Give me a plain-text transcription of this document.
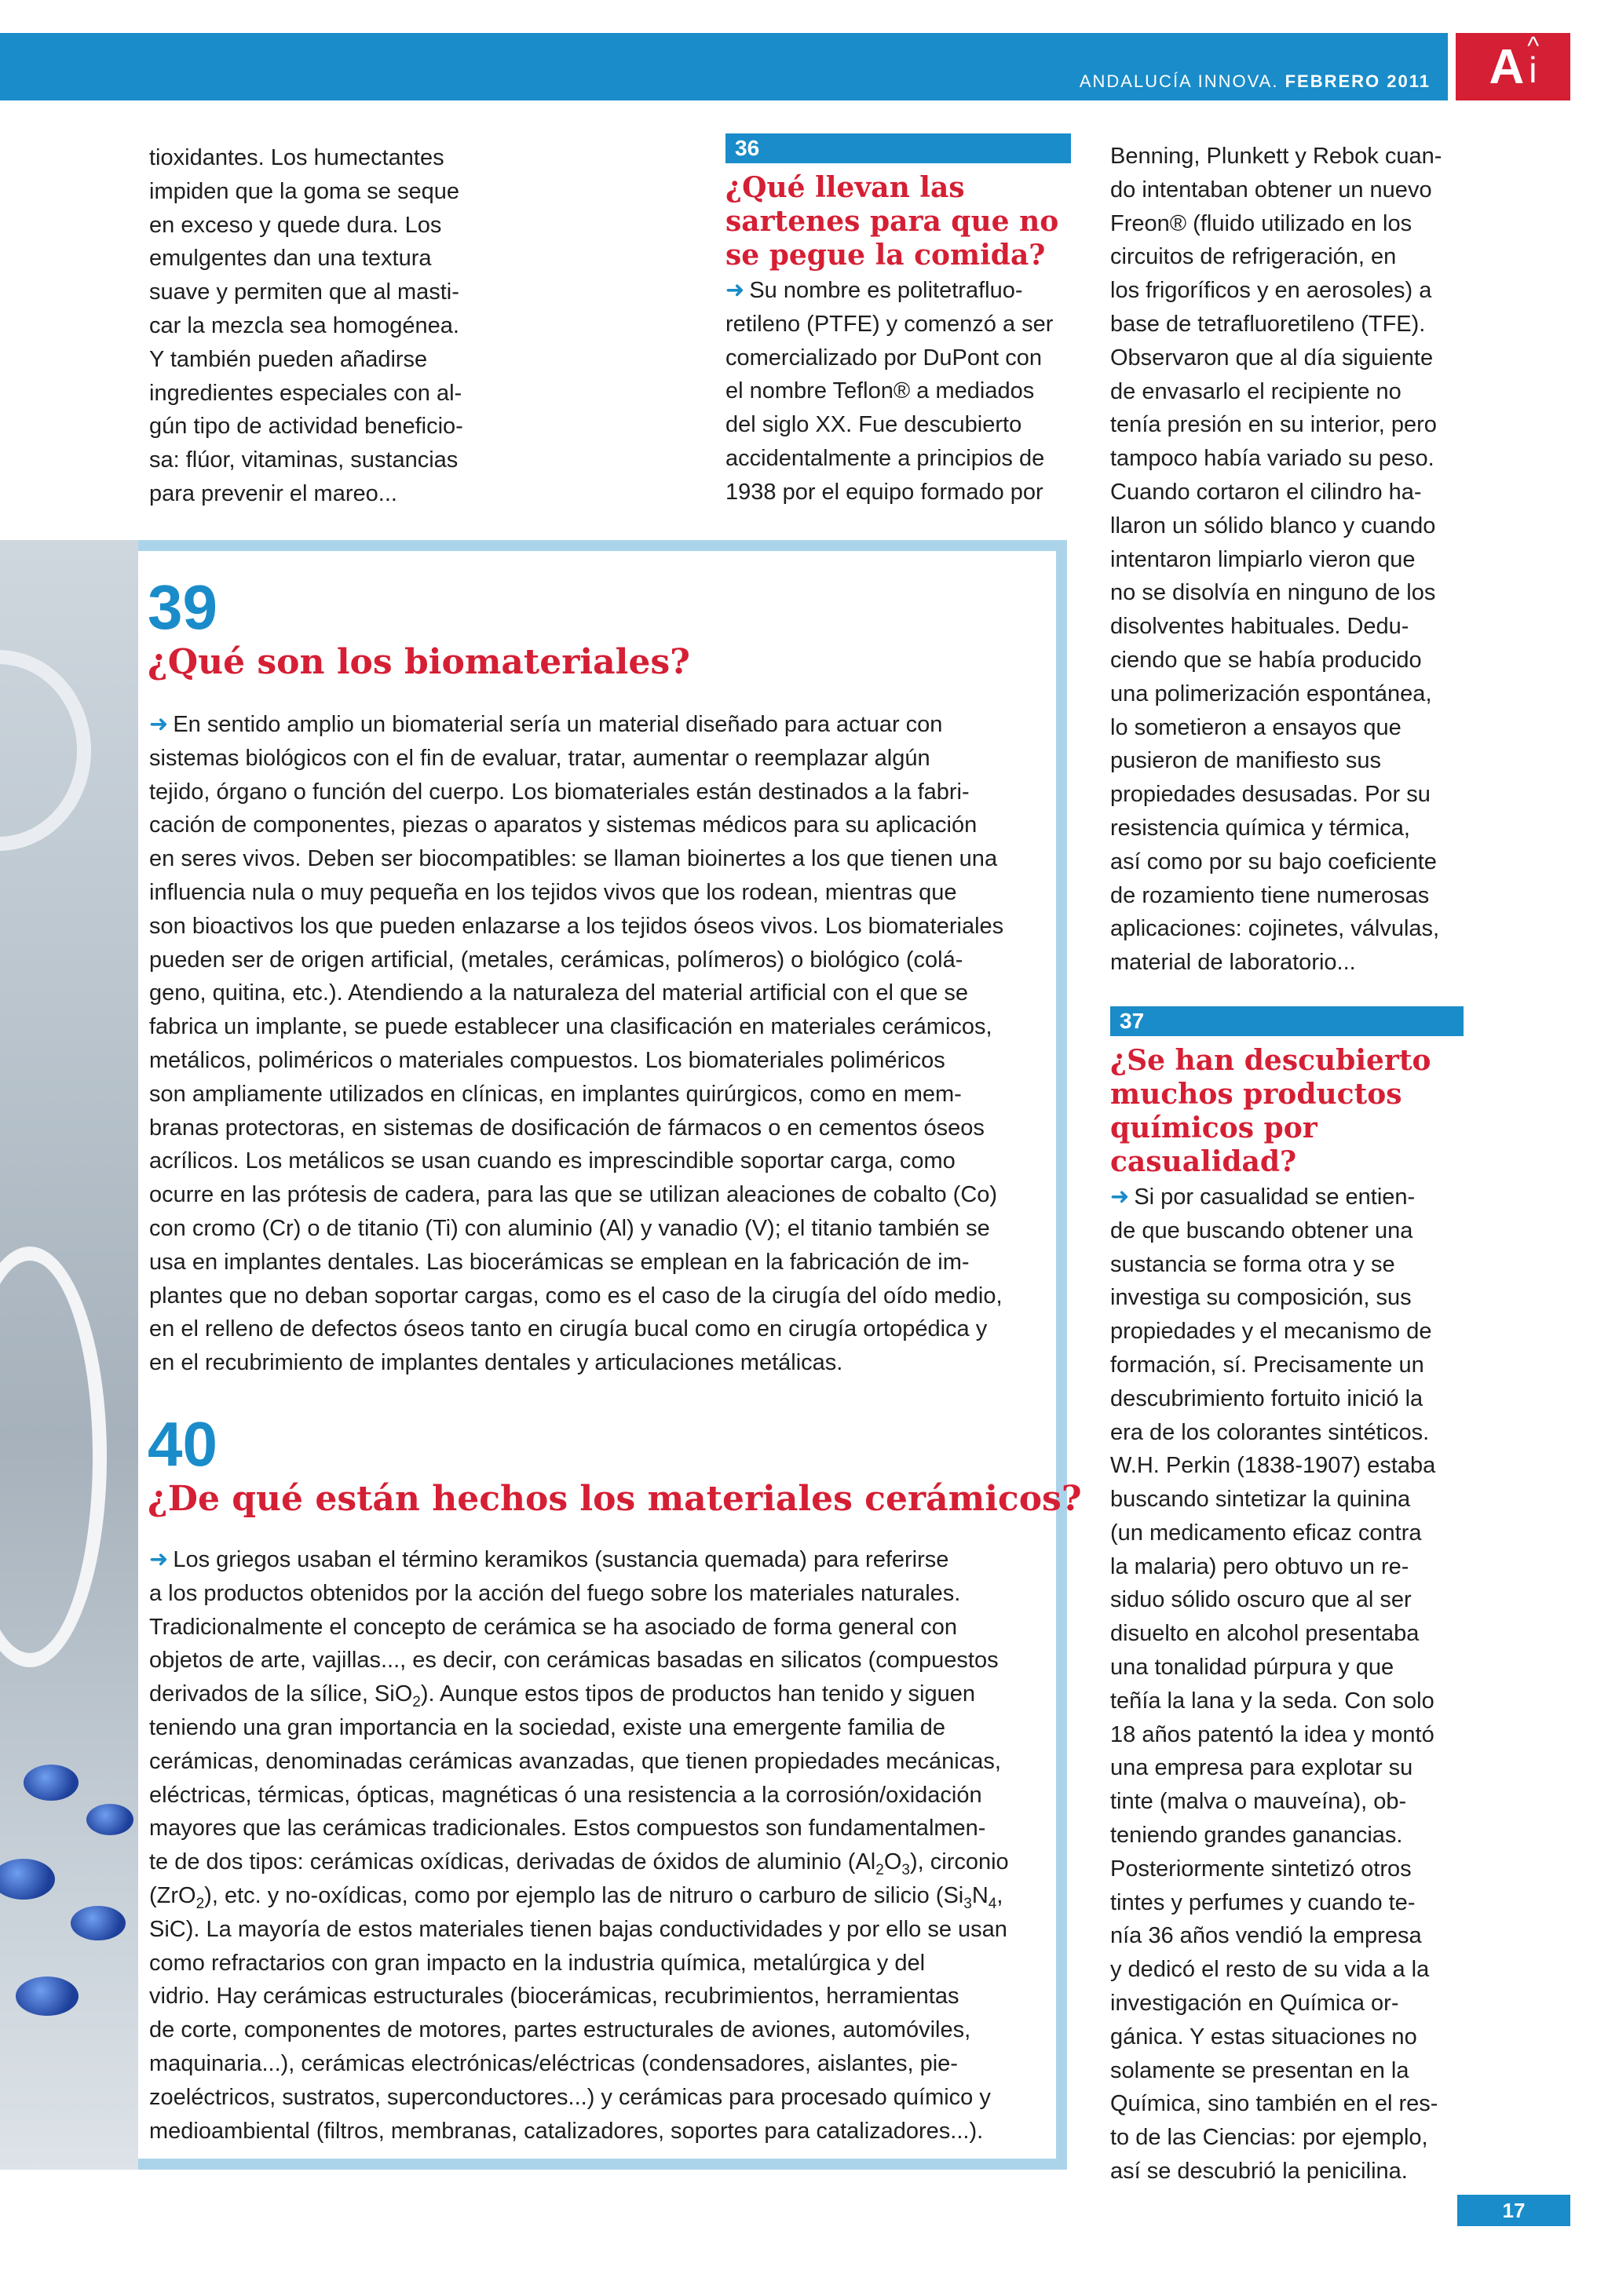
ANDALUCÍA INNOVA. FEBRERO 2011 A ^
i
tioxidantes. Los humectantes
impiden que la goma se seque
en exceso y quede dura. Los
emulgentes dan una textura
suave y permiten que al masti-
car la mezcla sea homogénea.
Y también pueden añadirse
ingredientes especiales con al-
gún tipo de actividad beneficio-
sa: flúor, vitaminas, sustancias
para prevenir el mareo...
36
¿Qué llevan las sartenes para que no se pegue la comida?
➜ Su nombre es politetrafluo-
retileno (PTFE) y comenzó a ser
comercializado por DuPont con
el nombre Teflon® a mediados
del siglo XX. Fue descubierto
accidentalmente a principios de
1938 por el equipo formado por
Benning, Plunkett y Rebok cuan-
do intentaban obtener un nuevo
Freon® (fluido utilizado en los
circuitos de refrigeración, en
los frigoríficos y en aerosoles) a
base de tetrafluoretileno (TFE).
Observaron que al día siguiente
de envasarlo el recipiente no
tenía presión en su interior, pero
tampoco había variado su peso.
Cuando cortaron el cilindro ha-
llaron un sólido blanco y cuando
intentaron limpiarlo vieron que
no se disolvía en ninguno de los
disolventes habituales. Dedu-
ciendo que se había producido
una polimerización espontánea,
lo sometieron a ensayos que
pusieron de manifiesto sus
propiedades desusadas. Por su
resistencia química y térmica,
así como por su bajo coeficiente
de rozamiento tiene numerosas
aplicaciones: cojinetes, válvulas,
material de laboratorio...
37
¿Se han descubierto muchos productos químicos por casualidad?
➜ Si por casualidad se entien-
de que buscando obtener una
sustancia se forma otra y se
investiga su composición, sus
propiedades y el mecanismo de
formación, sí. Precisamente un
descubrimiento fortuito inició la
era de los colorantes sintéticos.
W.H. Perkin (1838-1907) estaba
buscando sintetizar la quinina
(un medicamento eficaz contra
la malaria) pero obtuvo un re-
siduo sólido oscuro que al ser
disuelto en alcohol presentaba
una tonalidad púrpura y que
teñía la lana y la seda. Con solo
18 años patentó la idea y montó
una empresa para explotar su
tinte (malva o mauveína), ob-
teniendo grandes ganancias.
Posteriormente sintetizó otros
tintes y perfumes y cuando te-
nía 36 años vendió la empresa
y dedicó el resto de su vida a la
investigación en Química or-
gánica. Y estas situaciones no
solamente se presentan en la
Química, sino también en el res-
to de las Ciencias: por ejemplo,
así se descubrió la penicilina.
39
¿Qué son los biomateriales?
➜ En sentido amplio un biomaterial sería un material diseñado para actuar con
sistemas biológicos con el fin de evaluar, tratar, aumentar o reemplazar algún
tejido, órgano o función del cuerpo. Los biomateriales están destinados a la fabri-
cación de componentes, piezas o aparatos y sistemas médicos para su aplicación
en seres vivos. Deben ser biocompatibles: se llaman bioinertes a los que tienen una
influencia nula o muy pequeña en los tejidos vivos que los rodean, mientras que
son bioactivos los que pueden enlazarse a los tejidos óseos vivos. Los biomateriales
pueden ser de origen artificial, (metales, cerámicas, polímeros) o biológico (colá-
geno, quitina, etc.). Atendiendo a la naturaleza del material artificial con el que se
fabrica un implante, se puede establecer una clasificación en materiales cerámicos,
metálicos, poliméricos o materiales compuestos. Los biomateriales poliméricos
son ampliamente utilizados en clínicas, en implantes quirúrgicos, como en mem-
branas protectoras, en sistemas de dosificación de fármacos o en cementos óseos
acrílicos. Los metálicos se usan cuando es imprescindible soportar carga, como
ocurre en las prótesis de cadera, para las que se utilizan aleaciones de cobalto (Co)
con cromo (Cr) o de titanio (Ti) con aluminio (Al) y vanadio (V); el titanio también se
usa en implantes dentales. Las biocerámicas se emplean en la fabricación de im-
plantes que no deban soportar cargas, como es el caso de la cirugía del oído medio,
en el relleno de defectos óseos tanto en cirugía bucal como en cirugía ortopédica y
en el recubrimiento de implantes dentales y articulaciones metálicas.
40
¿De qué están hechos los materiales cerámicos?
➜ Los griegos usaban el término keramikos (sustancia quemada) para referirse
a los productos obtenidos por la acción del fuego sobre los materiales naturales.
Tradicionalmente el concepto de cerámica se ha asociado de forma general con
objetos de arte, vajillas..., es decir, con cerámicas basadas en silicatos (compuestos
derivados de la sílice, SiO$_2$). Aunque estos tipos de productos han tenido y siguen
teniendo una gran importancia en la sociedad, existe una emergente familia de
cerámicas, denominadas cerámicas avanzadas, que tienen propiedades mecánicas,
eléctricas, térmicas, ópticas, magnéticas ó una resistencia a la corrosión/oxidación
mayores que las cerámicas tradicionales. Estos compuestos son fundamentalmen-
te de dos tipos: cerámicas oxídicas, derivadas de óxidos de aluminio $(Al_2O_3)$, circonio
(ZrO$_2$), etc. y no-oxídicas, como por ejemplo las de nitruro o carburo de silicio ($Si_3N_4$,
SiC). La mayoría de estos materiales tienen bajas conductividades y por ello se usan
como refractarios con gran impacto en la industria química, metalúrgica y del
vidrio. Hay cerámicas estructurales (biocerámicas, recubrimientos, herramientas
de corte, componentes de motores, partes estructurales de aviones, automóviles,
maquinaria...), cerámicas electrónicas/eléctricas (condensadores, aislantes, pie-
zoeléctricos, sustratos, superconductores...) y cerámicas para procesado químico y
medioambiental (filtros, membranas, catalizadores, soportes para catalizadores...).
17
